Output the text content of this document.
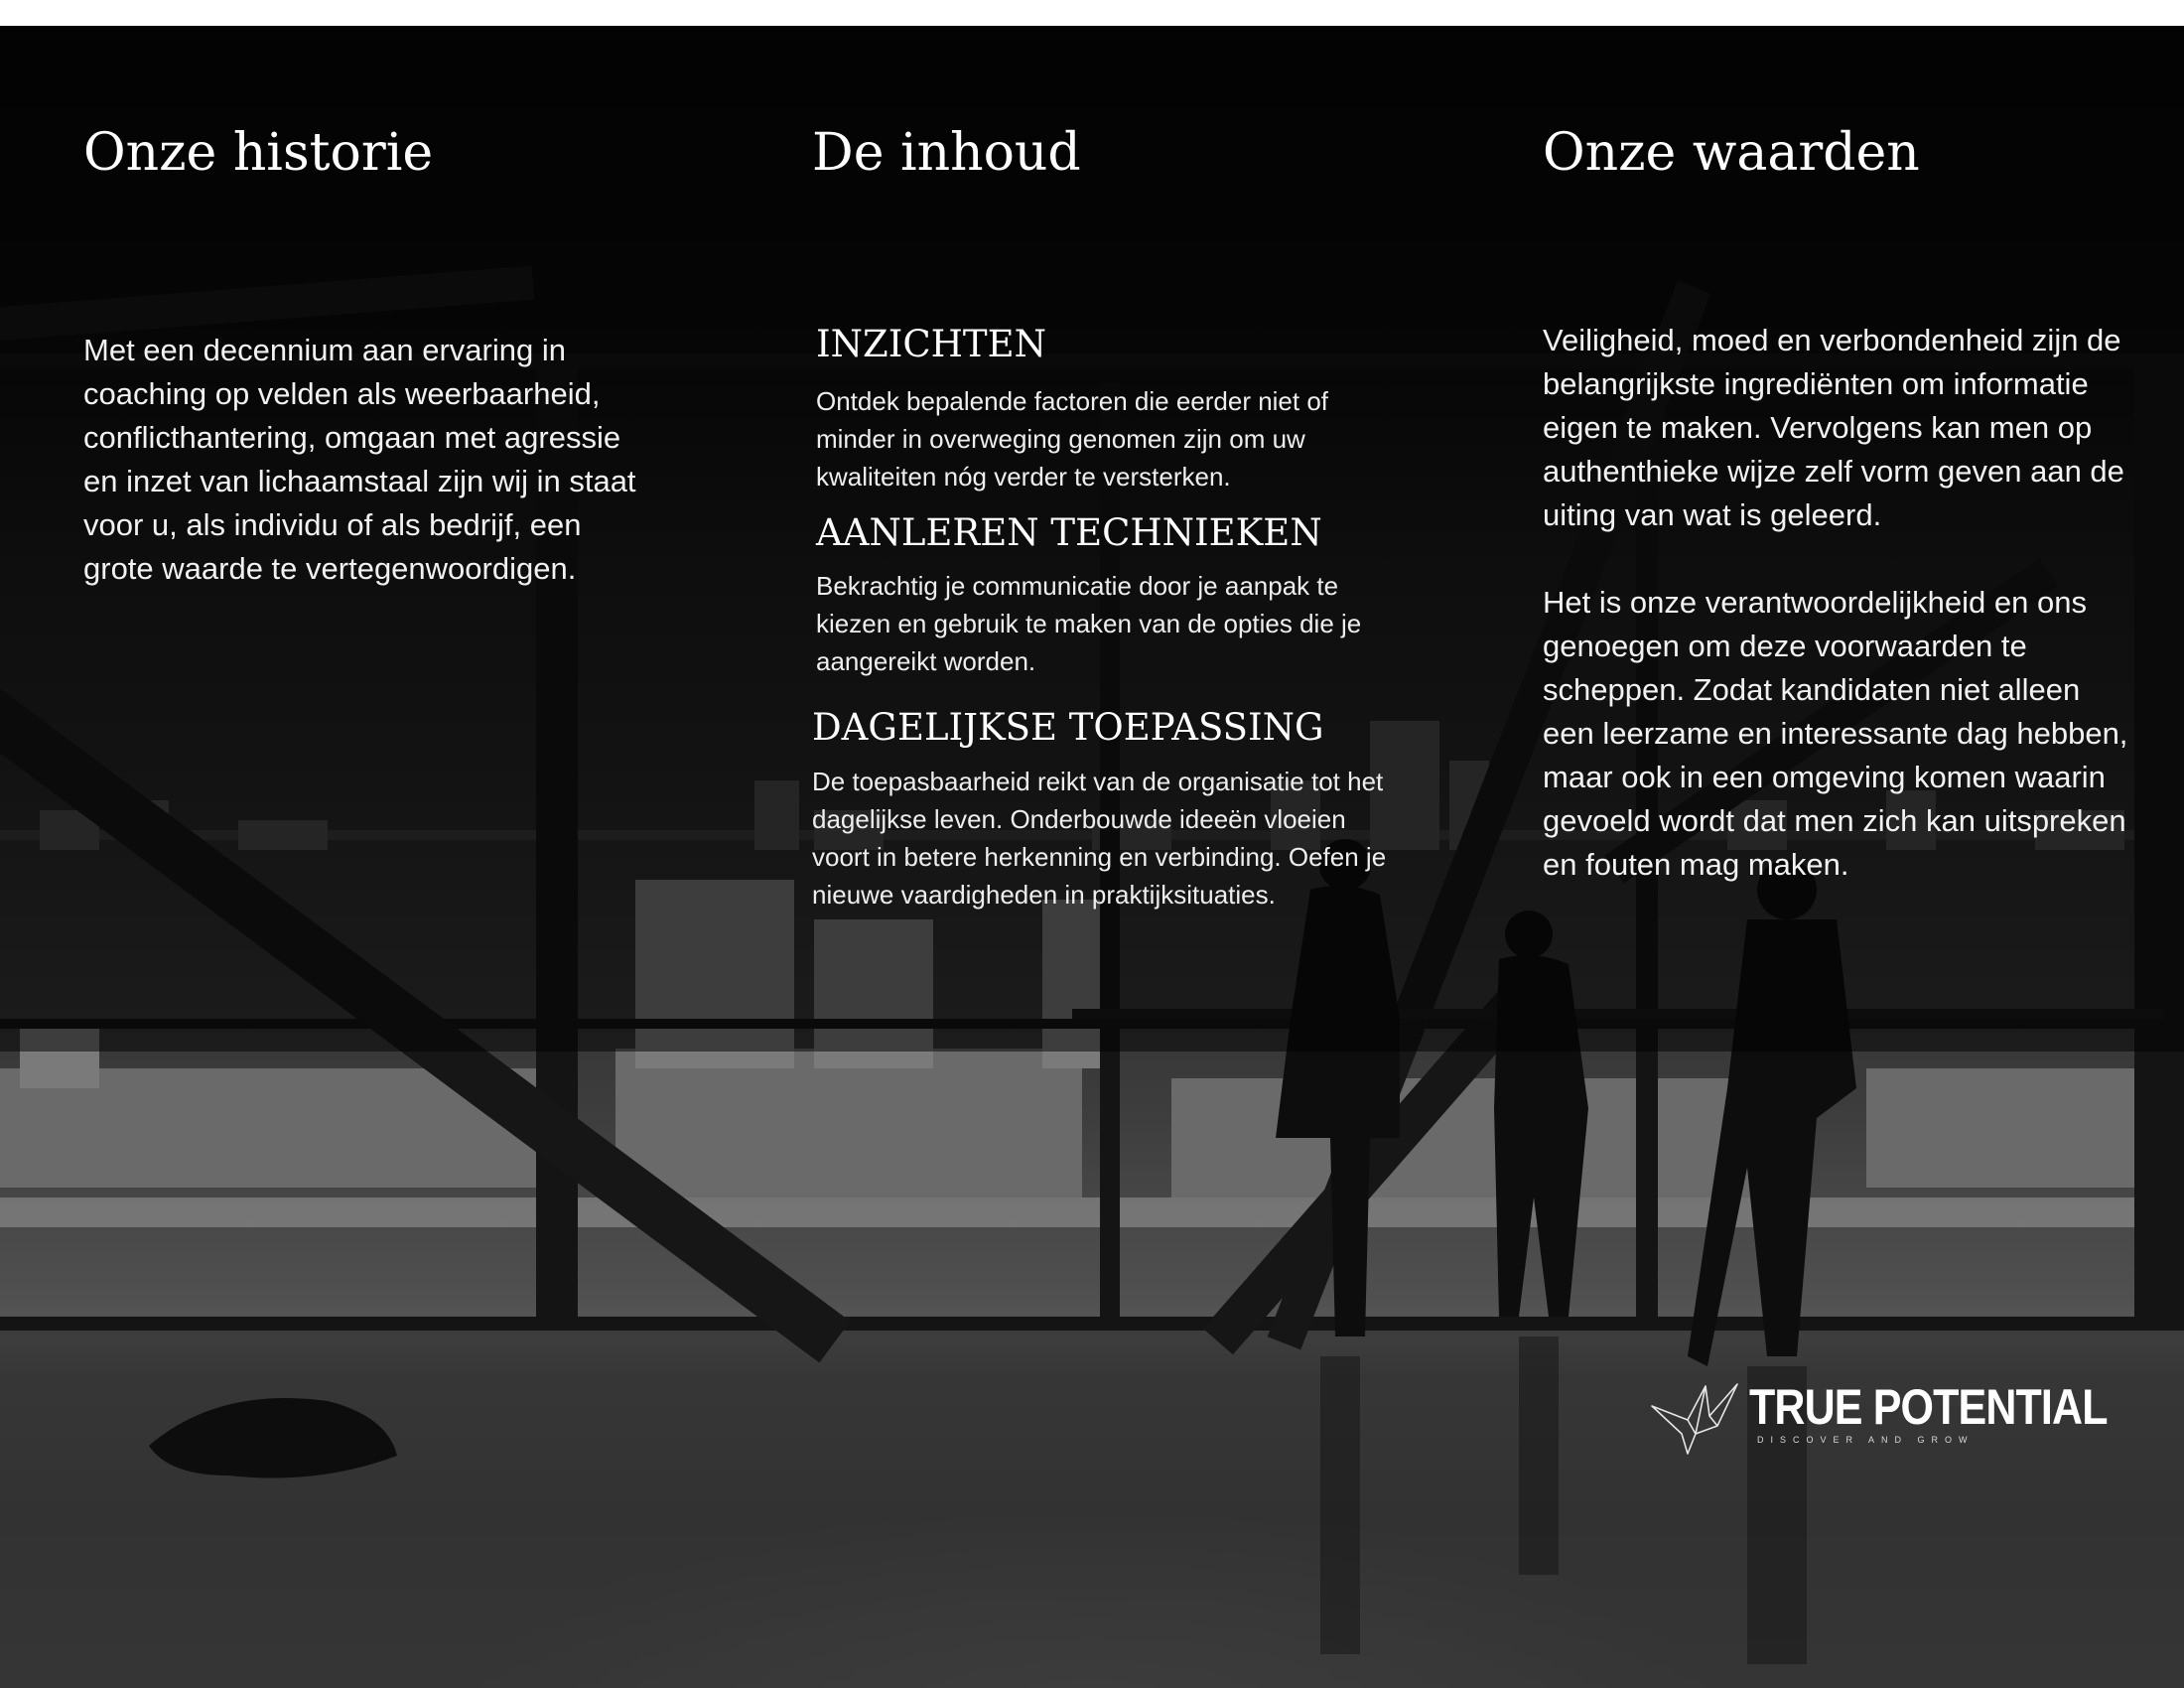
Onze historie

Met een decennium aan ervaring in coaching op velden als weerbaarheid, conflicthantering, omgaan met agressie en inzet van lichaamstaal zijn wij in staat voor u, als individu of als bedrijf, een grote waarde te vertegenwoordigen.

De inhoud
INZICHTEN

Ontdek bepalende factoren die eerder niet of minder in overweging genomen zijn om uw kwaliteiten nóg verder te versterken.

AANLEREN TECHNIEKEN

Bekrachtig je communicatie door je aanpak te kiezen en gebruik te maken van de opties die je aangereikt worden.

DAGELIJKSE TOEPASSING

De toepasbaarheid reikt van de organisatie tot het dagelijkse leven. Onderbouwde ideeën vloeien voort in betere herkenning en verbinding. Oefen je nieuwe vaardigheden in praktijksituaties.

Onze waarden

Veiligheid, moed en verbondenheid zijn de belangrijkste ingrediënten om informatie eigen te maken. Vervolgens kan men op authenthieke wijze zelf vorm geven aan de uiting van wat is geleerd.

Het is onze verantwoordelijkheid en ons genoegen om deze voorwaarden te scheppen. Zodat kandidaten niet alleen een leerzame en interessante dag hebben, maar ook in een omgeving komen waarin gevoeld wordt dat men zich kan uitspreken en fouten mag maken.

TRUE POTENTIAL

DISCOVER AND GROW
